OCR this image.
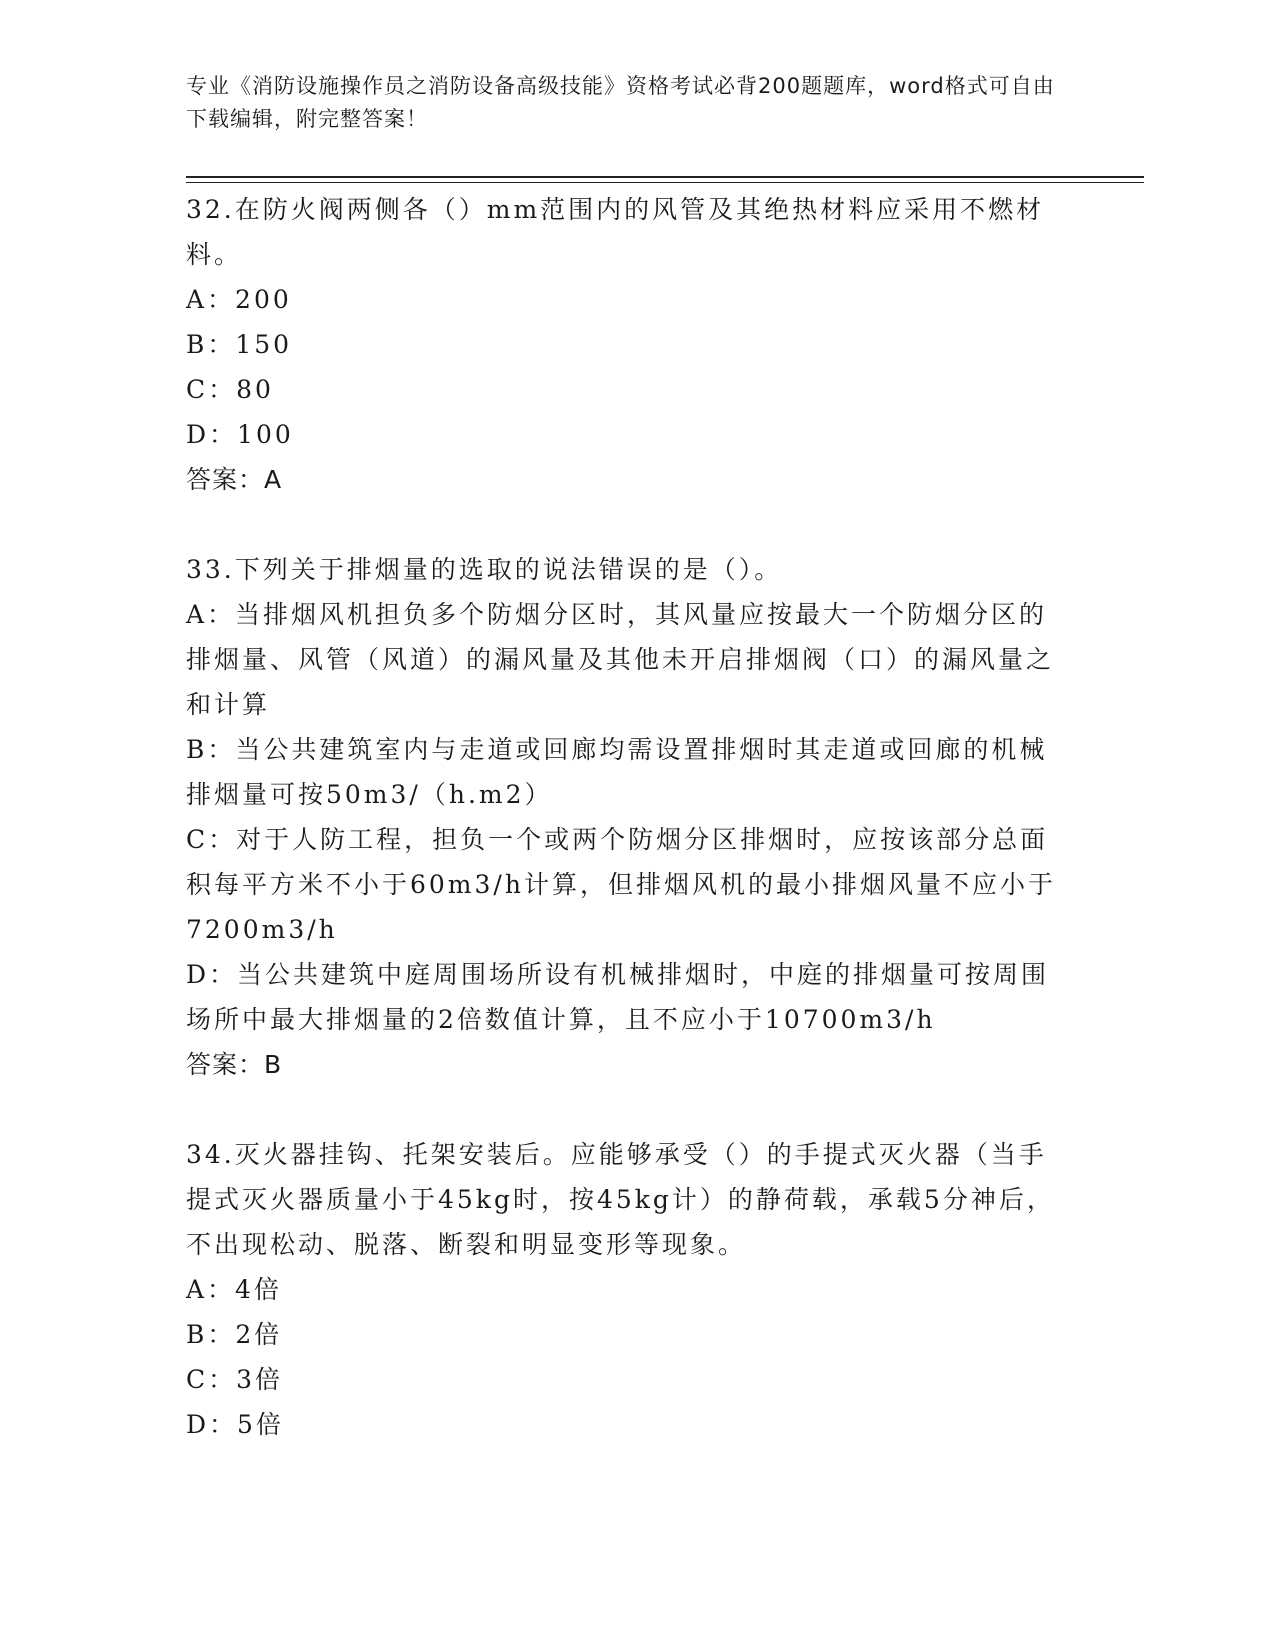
专业《消防设施操作员之消防设备高级技能》资格考试必背200题题库，word格式可自由下载编辑，附完整答案！

32.在防火阀两侧各（）mm范围内的风管及其绝热材料应采用不燃材料。

A：200

B：150

C：80

D：100

答案：A

33.下列关于排烟量的选取的说法错误的是（）。

A：当排烟风机担负多个防烟分区时，其风量应按最大一个防烟分区的排烟量、风管（风道）的漏风量及其他未开启排烟阀（口）的漏风量之和计算

B：当公共建筑室内与走道或回廊均需设置排烟时其走道或回廊的机械排烟量可按50m3/（h.m2）

C：对于人防工程，担负一个或两个防烟分区排烟时，应按该部分总面积每平方米不小于60m3/h计算，但排烟风机的最小排烟风量不应小于7200m3/h

D：当公共建筑中庭周围场所设有机械排烟时，中庭的排烟量可按周围场所中最大排烟量的2倍数值计算，且不应小于10700m3/h

答案：B

34.灭火器挂钩、托架安装后。应能够承受（）的手提式灭火器（当手提式灭火器质量小于45kg时，按45kg计）的静荷载，承载5分神后，不出现松动、脱落、断裂和明显变形等现象。

A：4倍

B：2倍

C：3倍

D：5倍
